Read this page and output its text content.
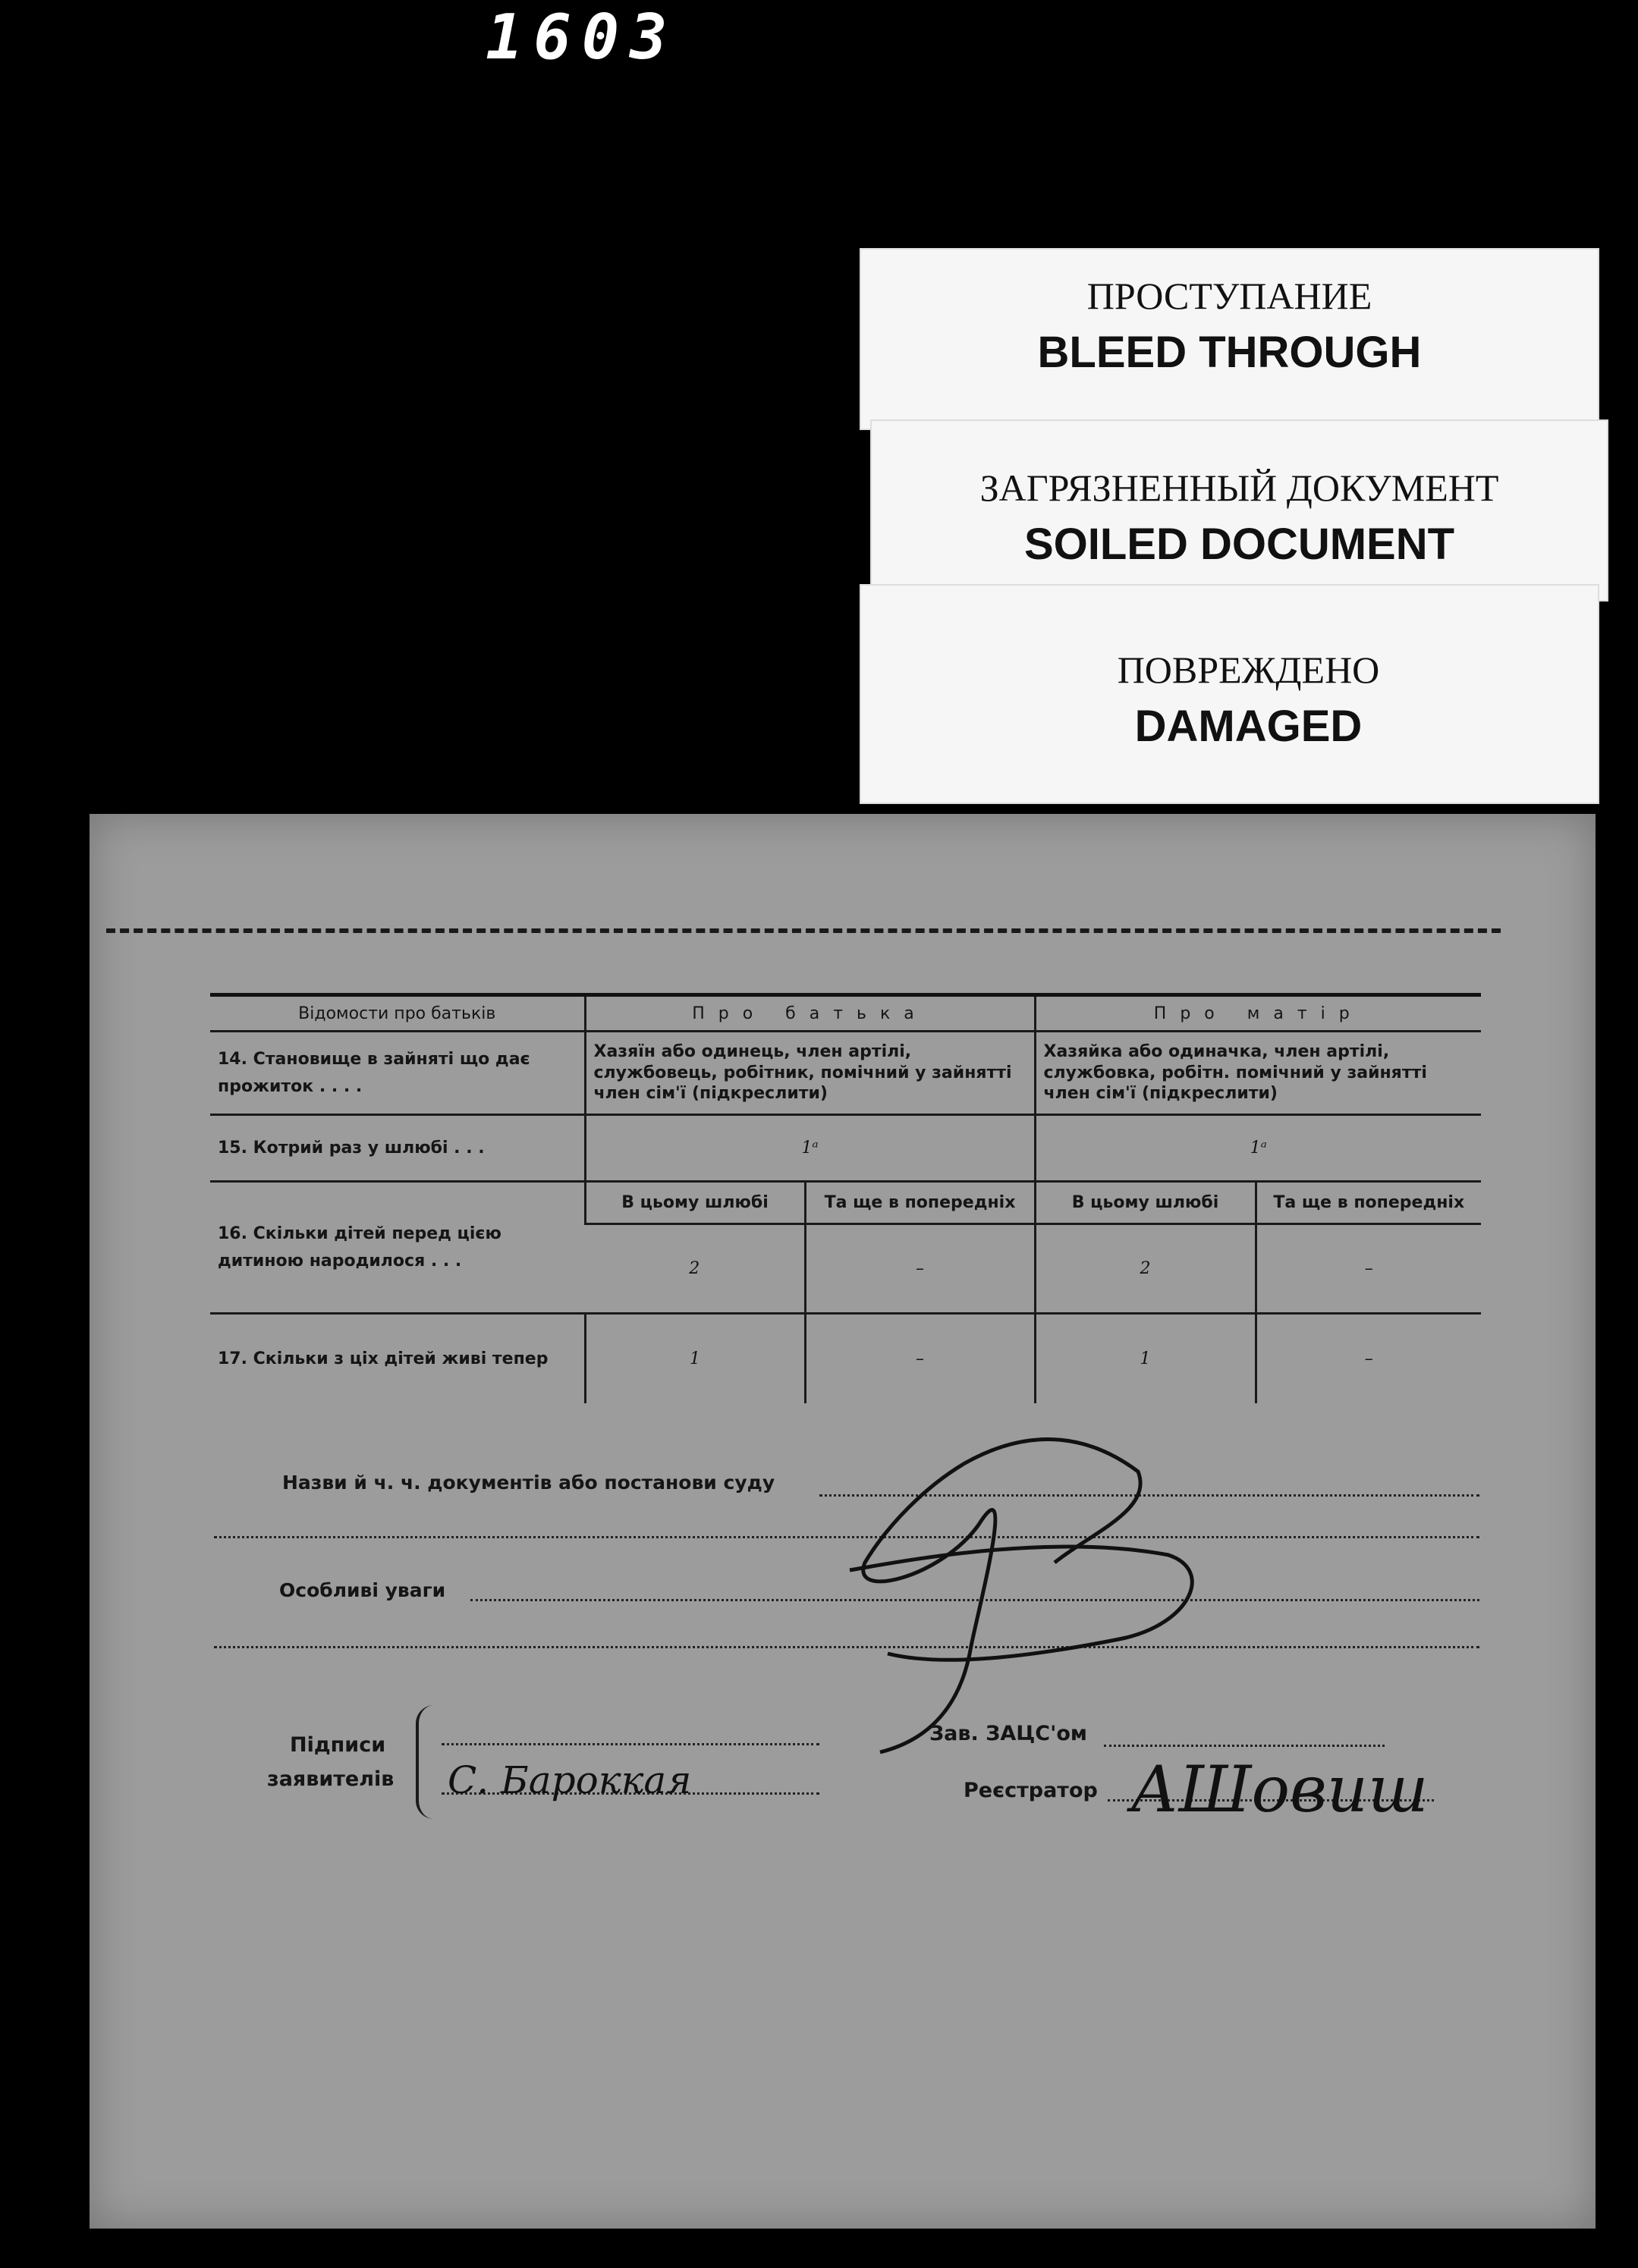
1603
ПРОСТУПАНИЕ
BLEED THROUGH
ЗАГРЯЗНЕННЫЙ ДОКУМЕНТ
SOILED DOCUMENT
ПОВРЕЖДЕНО
DAMAGED
Відомости про батьків	Про батька		Про матір	
14. Становище в зайняті що дає прожиток . . . .	Хазяїн або одинець, член артілі, службовець, робітник, помічний у зайнятті член сім'ї (підкреслити)		Хазяйка або одиначка, член артілі, службовка, робітн. помічний у зайнятті член сім'ї (підкреслити)	
15. Котрий раз у шлюбі . . .	1ᵃ		1ᵃ	
16. Скільки дітей перед цією дитиною народилося . . .	В цьому шлюбі	Та ще в попередніх	В цьому шлюбі	Та ще в попередніх
	2	–	2	–
17. Скільки з ціх дітей живі тепер	1	–	1	–
Назви й ч. ч. документів або постанови суду
Особливі уваги
Підписи
заявителів С. Бароккая
Зав. ЗАЦС'ом
Реєстратор АШовиш
